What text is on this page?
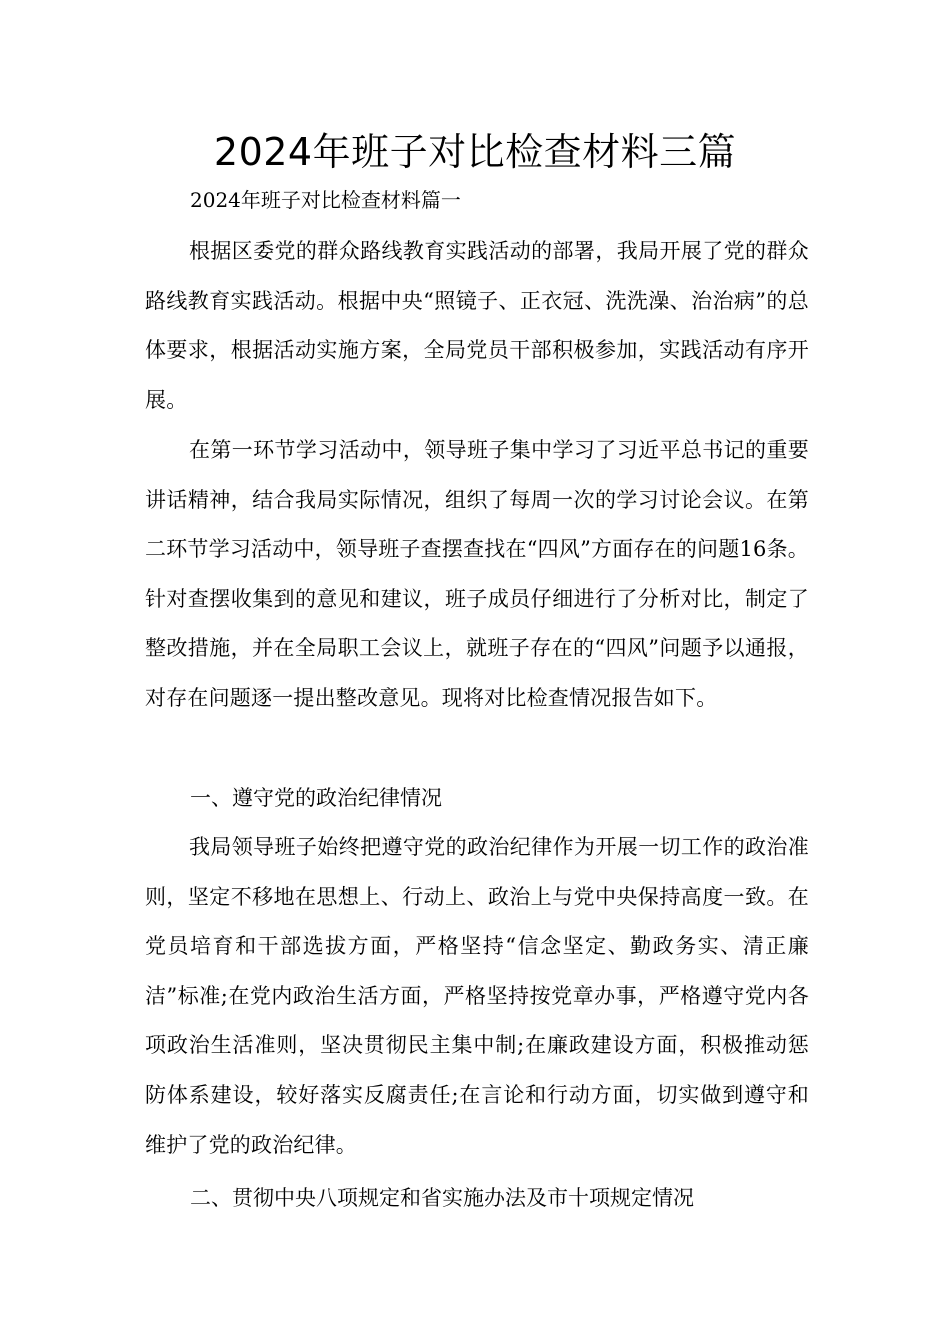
2024年班子对比检查材料三篇
2024年班子对比检查材料篇一

根据区委党的群众路线教育实践活动的部署，我局开展了党的群众路线教育实践活动。根据中央“照镜子、正衣冠、洗洗澡、治治病”的总体要求，根据活动实施方案，全局党员干部积极参加，实践活动有序开展。

在第一环节学习活动中，领导班子集中学习了习近平总书记的重要讲话精神，结合我局实际情况，组织了每周一次的学习讨论会议。在第二环节学习活动中，领导班子查摆查找在“四风”方面存在的问题16条。针对查摆收集到的意见和建议，班子成员仔细进行了分析对比，制定了整改措施，并在全局职工会议上，就班子存在的“四风”问题予以通报，对存在问题逐一提出整改意见。现将对比检查情况报告如下。

一、遵守党的政治纪律情况

我局领导班子始终把遵守党的政治纪律作为开展一切工作的政治准则，坚定不移地在思想上、行动上、政治上与党中央保持高度一致。在党员培育和干部选拔方面，严格坚持“信念坚定、勤政务实、清正廉洁”标准;在党内政治生活方面，严格坚持按党章办事，严格遵守党内各项政治生活准则，坚决贯彻民主集中制;在廉政建设方面，积极推动惩防体系建设，较好落实反腐责任;在言论和行动方面，切实做到遵守和维护了党的政治纪律。

二、贯彻中央八项规定和省实施办法及市十项规定情况
